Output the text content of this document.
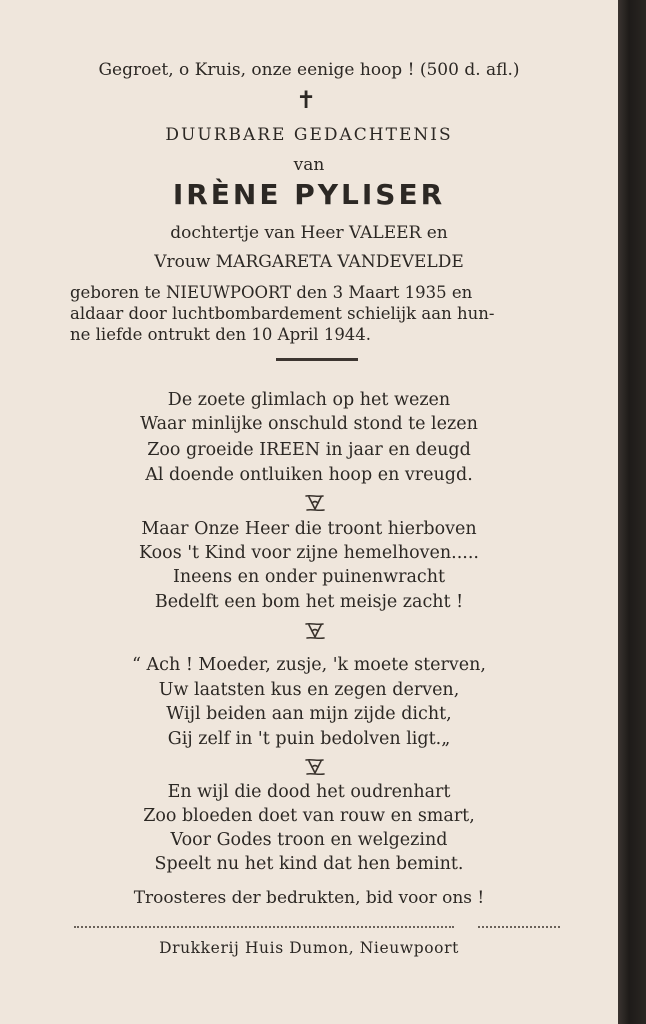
Gegroet, o Kruis, onze eenige hoop ! (500 d. afl.)
✝
DUURBARE GEDACHTENIS
van
IRÈNE PYLISER
dochtertje van Heer VALEER en
Vrouw MARGARETA VANDEVELDE
geboren te NIEUWPOORT den 3 Maart 1935 en
aldaar door luchtbombardement schielijk aan hun-
ne liefde ontrukt den 10 April 1944.
De zoete glimlach op het wezen
Waar minlijke onschuld stond te lezen
Zoo groeide IREEN in jaar en deugd
Al doende ontluiken hoop en vreugd.
Maar Onze Heer die troont hierboven
Koos 't Kind voor zijne hemelhoven.....
Ineens en onder puinenwracht
Bedelft een bom het meisje zacht !
“ Ach ! Moeder, zusje, 'k moete sterven,
Uw laatsten kus en zegen derven,
Wijl beiden aan mijn zijde dicht,
Gij zelf in 't puin bedolven ligt.„
En wijl die dood het oudrenhart
Zoo bloeden doet van rouw en smart,
Voor Godes troon en welgezind
Speelt nu het kind dat hen bemint.
Troosteres der bedrukten, bid voor ons !
Drukkerij Huis Dumon, Nieuwpoort
